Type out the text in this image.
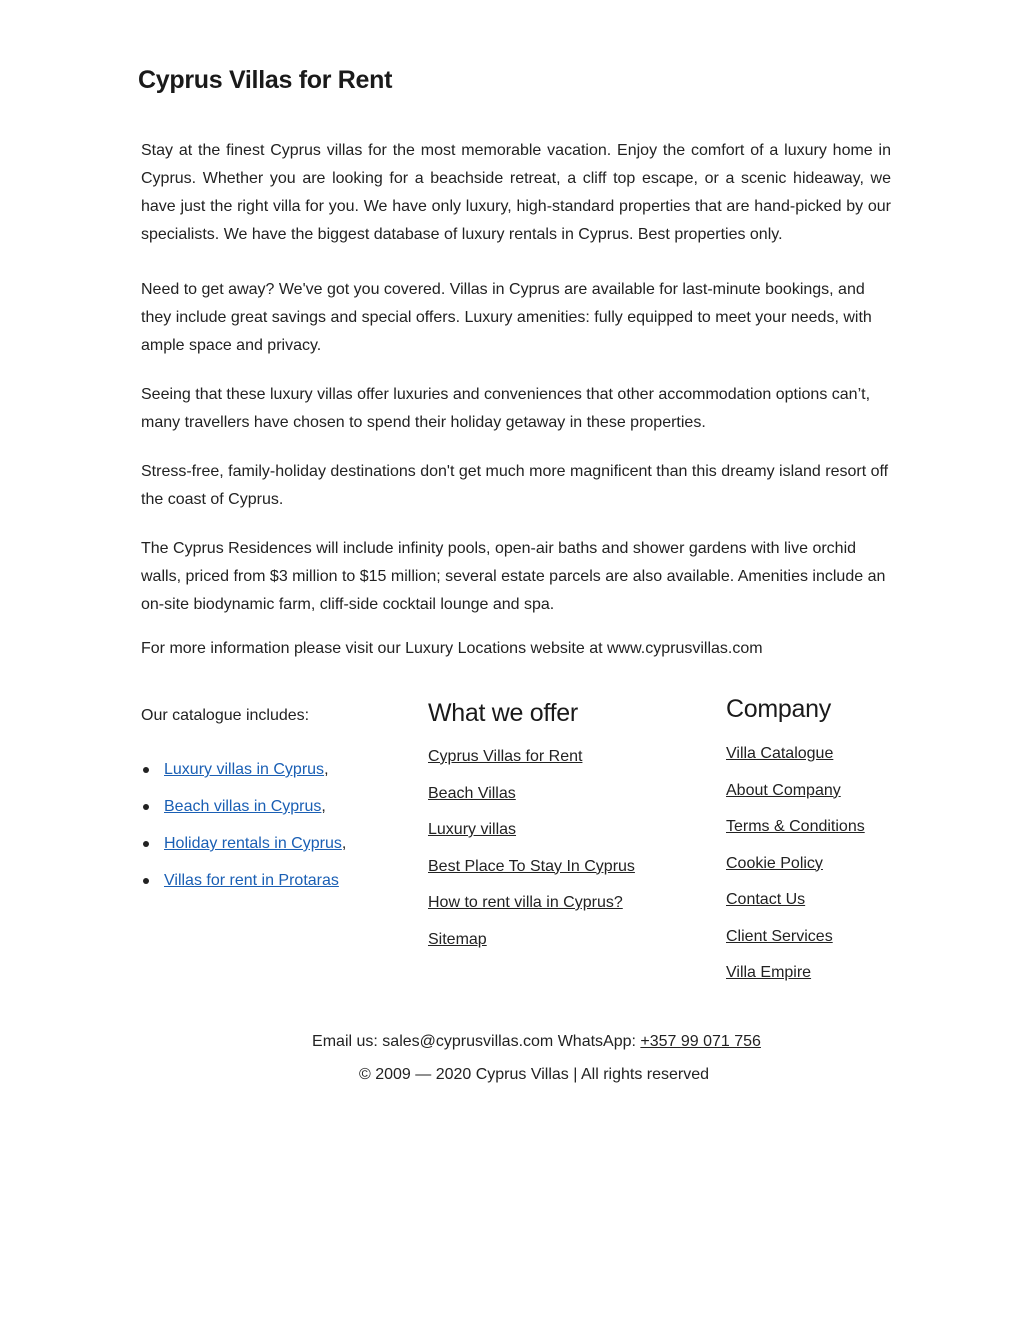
Cyprus Villas for Rent

Stay at the finest Cyprus villas for the most memorable vacation. Enjoy the comfort of a luxury home in Cyprus. Whether you are looking for a beachside retreat, a cliff top escape, or a scenic hideaway, we have just the right villa for you. We have only luxury, high-standard properties that are hand-picked by our specialists. We have the biggest database of luxury rentals in Cyprus. Best properties only.

Need to get away? We've got you covered. Villas in Cyprus are available for last-minute bookings, and they include great savings and special offers. Luxury amenities: fully equipped to meet your needs, with ample space and privacy.

Seeing that these luxury villas offer luxuries and conveniences that other accommodation options can’t, many travellers have chosen to spend their holiday getaway in these properties.

Stress-free, family-holiday destinations don't get much more magnificent than this dreamy island resort off the coast of Cyprus.

The Cyprus Residences will include infinity pools, open-air baths and shower gardens with live orchid walls, priced from $3 million to $15 million; several estate parcels are also available. Amenities include an on-site biodynamic farm, cliff-side cocktail lounge and spa.

For more information please visit our Luxury Locations website at www.cyprusvillas.com

Our catalogue includes:

Luxury villas in Cyprus,
Beach villas in Cyprus,
Holiday rentals in Cyprus,
Villas for rent in Protaras
What we offer
Cyprus Villas for Rent
Beach Villas
Luxury villas
Best Place To Stay In Cyprus
How to rent villa in Cyprus?
Sitemap
Company
Villa Catalogue
About Company
Terms & Conditions
Cookie Policy
Contact Us
Client Services
Villa Empire

Email us: sales@cyprusvillas.com WhatsApp: +357 99 071 756

© 2009 — 2020 Cyprus Villas | All rights reserved
